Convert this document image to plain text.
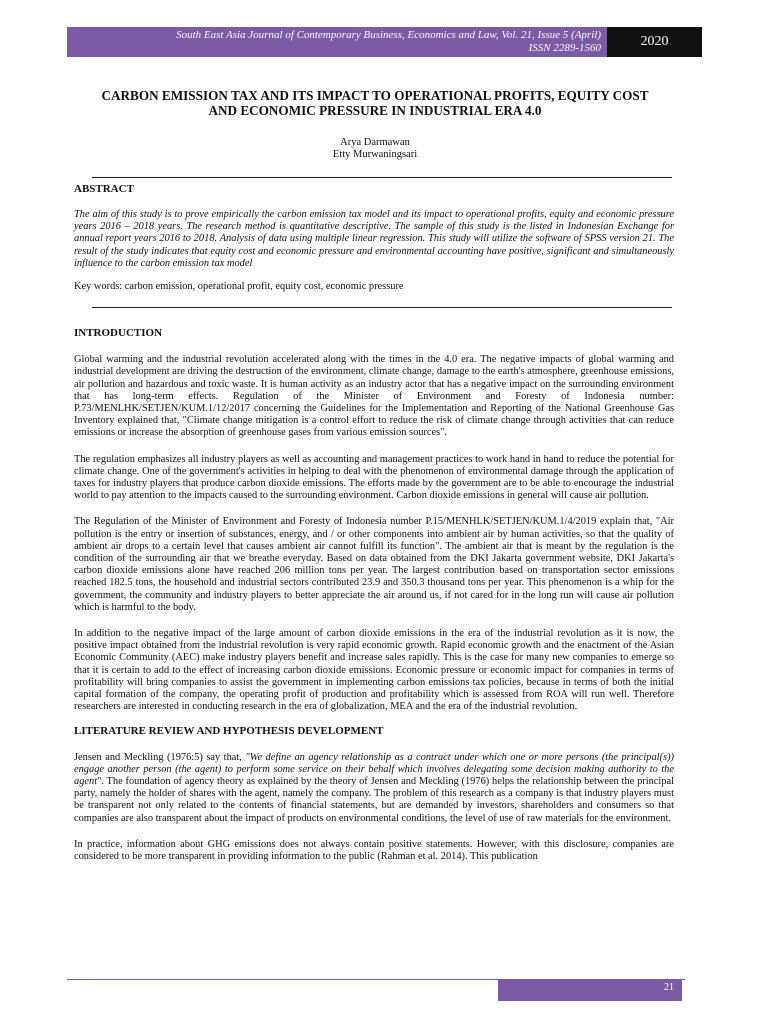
South East Asia Journal of Contemporary Business, Economics and Law, Vol. 21, Issue 5 (April)
ISSN 2289-1560	2020
CARBON EMISSION TAX AND ITS IMPACT TO OPERATIONAL PROFITS, EQUITY COST
AND ECONOMIC PRESSURE IN INDUSTRIAL ERA 4.0
Arya Darmawan
Etty Murwaningsari
ABSTRACT

The aim of this study is to prove empirically the carbon emission tax model and its impact to operational profits, equity and economic pressure years 2016 – 2018 years. The research method is quantitative descriptive. The sample of this study is the listed in Indonesian Exchange for annual report years 2016 to 2018. Analysis of data using multiple linear regression. This study will utilize the software of SPSS version 21. The result of the study indicates that equity cost and economic pressure and environmental accounting have positive, significant and simultaneously influence to the carbon emission tax model

Key words: carbon emission, operational profit, equity cost, economic pressure

INTRODUCTION

Global warming and the industrial revolution accelerated along with the times in the 4.0 era. The negative impacts of global warming and industrial development are driving the destruction of the environment, climate change, damage to the earth's atmosphere, greenhouse emissions, air pollution and hazardous and toxic waste. It is human activity as an industry actor that has a negative impact on the surrounding environment that has long-term effects. Regulation of the Minister of Environment and Foresty of Indonesia number: P.73/MENLHK/SETJEN/KUM.1/12/2017 concerning the Guidelines for the Implementation and Reporting of the National Greenhouse Gas Inventory explained that, "Climate change mitigation is a control effort to reduce the risk of climate change through activities that can reduce emissions or increase the absorption of greenhouse gases from various emission sources".

The regulation emphasizes all industry players as well as accounting and management practices to work hand in hand to reduce the potential for climate change. One of the government's activities in helping to deal with the phenomenon of environmental damage through the application of taxes for industry players that produce carbon dioxide emissions. The efforts made by the government are to be able to encourage the industrial world to pay attention to the impacts caused to the surrounding environment. Carbon dioxide emissions in general will cause air pollution.

The Regulation of the Minister of Environment and Foresty of Indonesia number P.15/MENHLK/SETJEN/KUM.1/4/2019 explain that, "Air pollution is the entry or insertion of substances, energy, and / or other components into ambient air by human activities, so that the quality of ambient air drops to a certain level that causes ambient air cannot fulfill its function". The ambient air that is meant by the regulation is the condition of the surrounding air that we breathe everyday. Based on data obtained from the DKI Jakarta government website, DKI Jakarta's carbon dioxide emissions alone have reached 206 million tons per year. The largest contribution based on transportation sector emissions reached 182.5 tons, the household and industrial sectors contributed 23.9 and 350.3 thousand tons per year. This phenomenon is a whip for the government, the community and industry players to better appreciate the air around us, if not cared for in the long run will cause air pollution which is harmful to the body.

In addition to the negative impact of the large amount of carbon dioxide emissions in the era of the industrial revolution as it is now, the positive impact obtained from the industrial revolution is very rapid economic growth. Rapid economic growth and the enactment of the Asian Economic Community (AEC) make industry players benefit and increase sales rapidly. This is the case for many new companies to emerge so that it is certain to add to the effect of increasing carbon dioxide emissions. Economic pressure or economic impact for companies in terms of profitability will bring companies to assist the government in implementing carbon emissions tax policies, because in terms of both the initial capital formation of the company, the operating profit of production and profitability which is assessed from ROA will run well. Therefore researchers are interested in conducting research in the era of globalization, MEA and the era of the industrial revolution.

LITERATURE REVIEW AND HYPOTHESIS DEVELOPMENT

Jensen and Meckling (1976:5) say that, "We define an agency relationship as a contract under which one or more persons (the principal(s)) engage another person (the agent) to perform some service on their behalf which involves delegating some decision making authority to the agent". The foundation of agency theory as explained by the theory of Jensen and Meckling (1976) helps the relationship between the principal party, namely the holder of shares with the agent, namely the company. The problem of this research as a company is that industry players must be transparent not only related to the contents of financial statements, but are demanded by investors, shareholders and consumers so that companies are also transparent about the impact of products on environmental conditions, the level of use of raw materials for the environment.

In practice, information about GHG emissions does not always contain positive statements. However, with this disclosure, companies are considered to be more transparent in providing information to the public (Rahman et al. 2014). This publication

21
